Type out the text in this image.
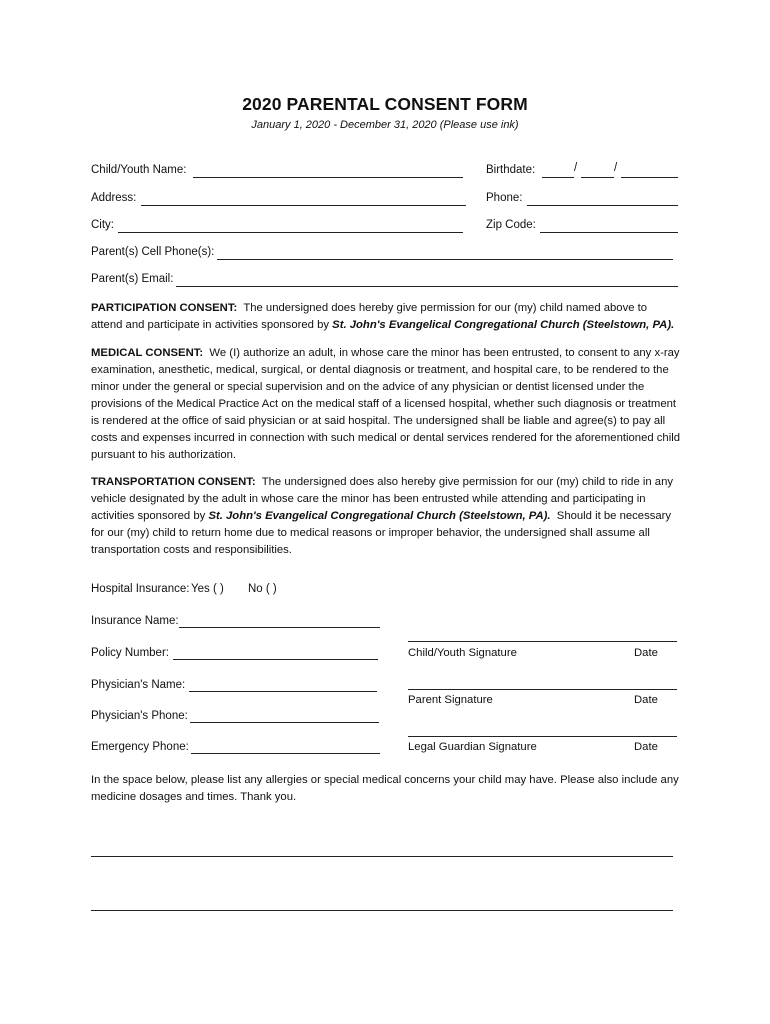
2020 PARENTAL CONSENT FORM
January 1, 2020 - December 31, 2020 (Please use ink)
Child/Youth Name:	Birthdate:	/	/
Address:	Phone:
City:	Zip Code:
Parent(s) Cell Phone(s):
Parent(s) Email:
PARTICIPATION CONSENT: The undersigned does hereby give permission for our (my) child named above to attend and participate in activities sponsored by St. John's Evangelical Congregational Church (Steelstown, PA).
MEDICAL CONSENT: We (I) authorize an adult, in whose care the minor has been entrusted, to consent to any x-ray examination, anesthetic, medical, surgical, or dental diagnosis or treatment, and hospital care, to be rendered to the minor under the general or special supervision and on the advice of any physician or dentist licensed under the provisions of the Medical Practice Act on the medical staff of a licensed hospital, whether such diagnosis or treatment is rendered at the office of said physician or at said hospital. The undersigned shall be liable and agree(s) to pay all costs and expenses incurred in connection with such medical or dental services rendered for the aforementioned child pursuant to his authorization.
TRANSPORTATION CONSENT: The undersigned does also hereby give permission for our (my) child to ride in any vehicle designated by the adult in whose care the minor has been entrusted while attending and participating in activities sponsored by St. John's Evangelical Congregational Church (Steelstown, PA). Should it be necessary for our (my) child to return home due to medical reasons or improper behavior, the undersigned shall assume all transportation costs and responsibilities.
Hospital Insurance: Yes ( ) No ( )
Insurance Name:
Policy Number:
Physician's Name:
Physician's Phone:
Emergency Phone:
Child/Youth Signature	Date
Parent Signature	Date
Legal Guardian Signature	Date
In the space below, please list any allergies or special medical concerns your child may have. Please also include any medicine dosages and times. Thank you.
